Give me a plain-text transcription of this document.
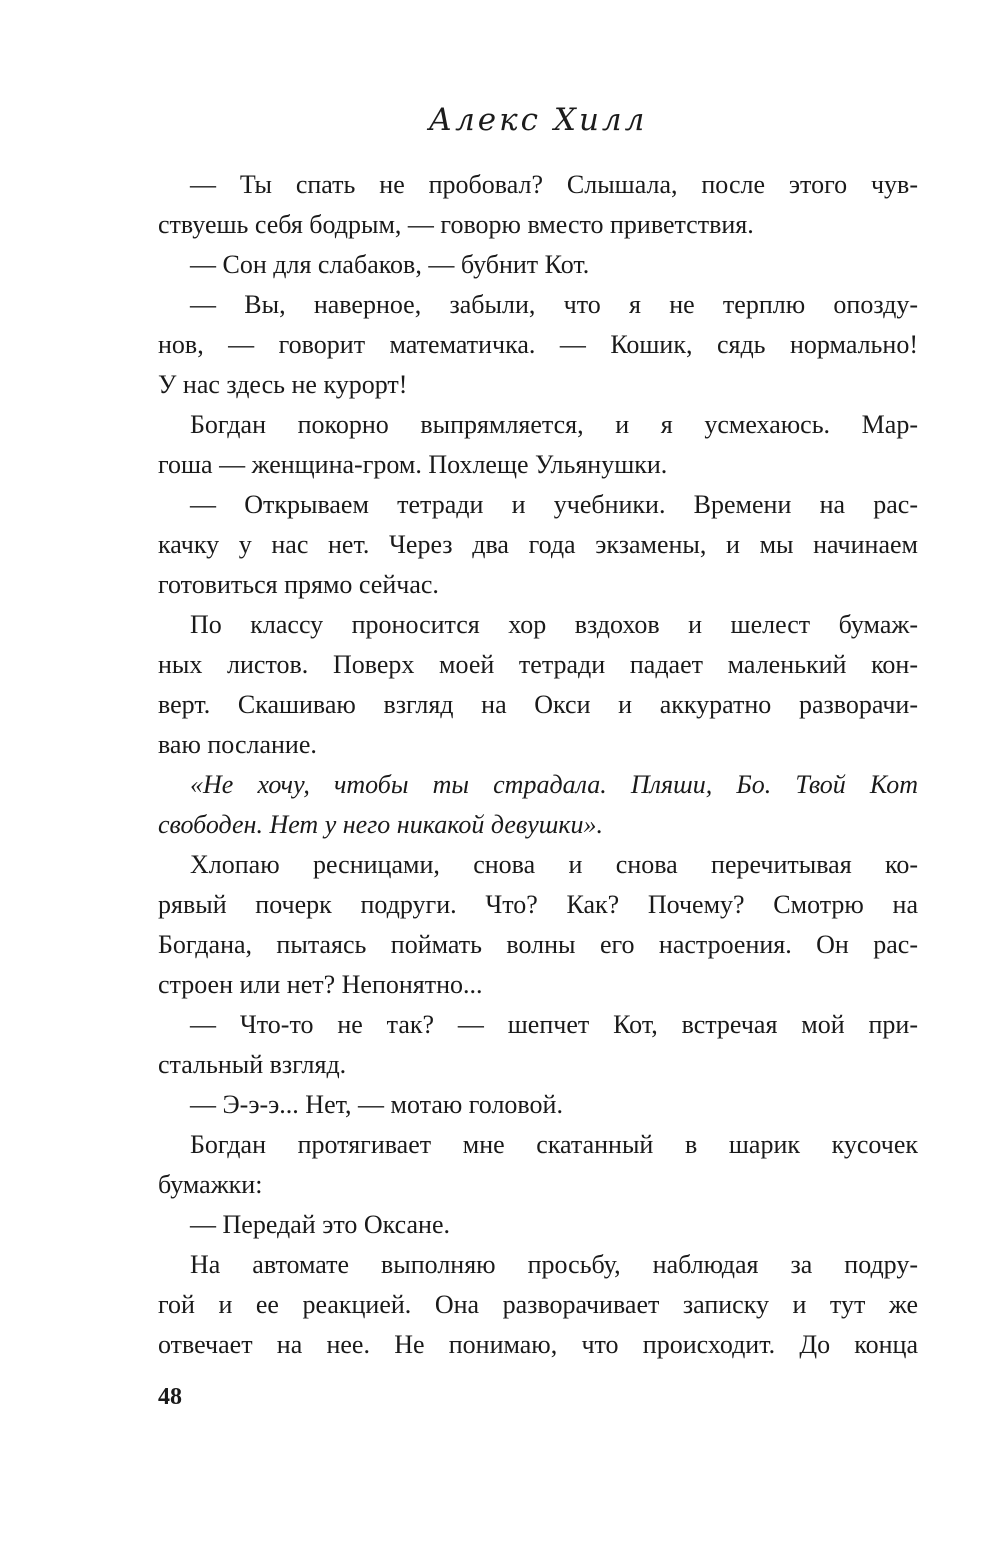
Алекс Хилл
— Ты спать не пробовал? Слышала, после этого чув-
ствуешь себя бодрым, — говорю вместо приветствия.
— Сон для слабаков, — бубнит Кот.
— Вы, наверное, забыли, что я не терплю опозду-
нов, — говорит математичка. — Кошик, сядь нормально!
У нас здесь не курорт!
Богдан покорно выпрямляется, и я усмехаюсь. Мар-
гоша — женщина-гром. Похлеще Ульянушки.
— Открываем тетради и учебники. Времени на рас-
качку у нас нет. Через два года экзамены, и мы начинаем
готовиться прямо сейчас.
По классу проносится хор вздохов и шелест бумаж-
ных листов. Поверх моей тетради падает маленький кон-
верт. Скашиваю взгляд на Окси и аккуратно разворачи-
ваю послание.
«Не хочу, чтобы ты страдала. Пляши, Бо. Твой Кот
свободен. Нет у него никакой девушки».
Хлопаю ресницами, снова и снова перечитывая ко-
рявый почерк подруги. Что? Как? Почему? Смотрю на
Богдана, пытаясь поймать волны его настроения. Он рас-
строен или нет? Непонятно...
— Что-то не так? — шепчет Кот, встречая мой при-
стальный взгляд.
— Э-э-э... Нет, — мотаю головой.
Богдан протягивает мне скатанный в шарик кусочек
бумажки:
— Передай это Оксане.
На автомате выполняю просьбу, наблюдая за подру-
гой и ее реакцией. Она разворачивает записку и тут же
отвечает на нее. Не понимаю, что происходит. До конца
48
